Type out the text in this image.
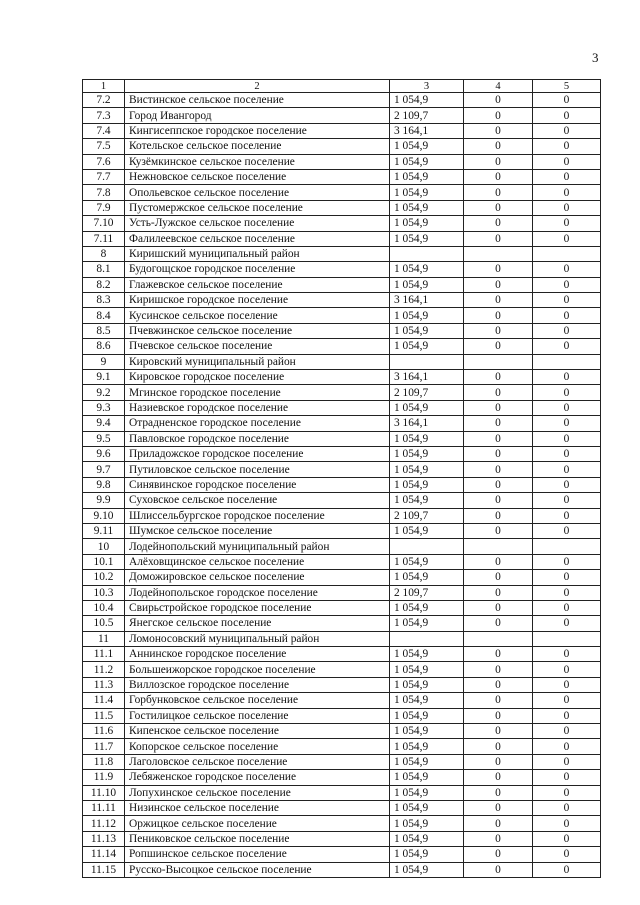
3
1	2	3	4	5
7.2	Вистинское сельское поселение	1 054,9	0	0
7.3	Город Ивангород	2 109,7	0	0
7.4	Кингисеппское городское поселение	3 164,1	0	0
7.5	Котельское сельское поселение	1 054,9	0	0
7.6	Кузёмкинское сельское поселение	1 054,9	0	0
7.7	Нежновское сельское поселение	1 054,9	0	0
7.8	Опольевское сельское поселение	1 054,9	0	0
7.9	Пустомержское сельское поселение	1 054,9	0	0
7.10	Усть-Лужское сельское поселение	1 054,9	0	0
7.11	Фалилеевское сельское поселение	1 054,9	0	0
8	Киришский муниципальный район			
8.1	Будогощское городское поселение	1 054,9	0	0
8.2	Глажевское сельское поселение	1 054,9	0	0
8.3	Киришское городское поселение	3 164,1	0	0
8.4	Кусинское сельское поселение	1 054,9	0	0
8.5	Пчевжинское сельское поселение	1 054,9	0	0
8.6	Пчевское сельское поселение	1 054,9	0	0
9	Кировский муниципальный район			
9.1	Кировское городское поселение	3 164,1	0	0
9.2	Мгинское городское поселение	2 109,7	0	0
9.3	Назиевское городское поселение	1 054,9	0	0
9.4	Отрадненское городское поселение	3 164,1	0	0
9.5	Павловское городское поселение	1 054,9	0	0
9.6	Приладожское городское поселение	1 054,9	0	0
9.7	Путиловское сельское поселение	1 054,9	0	0
9.8	Синявинское городское поселение	1 054,9	0	0
9.9	Суховское сельское поселение	1 054,9	0	0
9.10	Шлиссельбургское городское поселение	2 109,7	0	0
9.11	Шумское сельское поселение	1 054,9	0	0
10	Лодейнопольский муниципальный район			
10.1	Алёховщинское сельское поселение	1 054,9	0	0
10.2	Доможировское сельское поселение	1 054,9	0	0
10.3	Лодейнопольское городское поселение	2 109,7	0	0
10.4	Свирьстройское городское поселение	1 054,9	0	0
10.5	Янегское сельское поселение	1 054,9	0	0
11	Ломоносовский муниципальный район			
11.1	Аннинское городское поселение	1 054,9	0	0
11.2	Большеижорское городское поселение	1 054,9	0	0
11.3	Виллозское городское поселение	1 054,9	0	0
11.4	Горбунковское сельское поселение	1 054,9	0	0
11.5	Гостилицкое сельское поселение	1 054,9	0	0
11.6	Кипенское сельское поселение	1 054,9	0	0
11.7	Копорское сельское поселение	1 054,9	0	0
11.8	Лаголовское сельское поселение	1 054,9	0	0
11.9	Лебяженское городское поселение	1 054,9	0	0
11.10	Лопухинское сельское поселение	1 054,9	0	0
11.11	Низинское сельское поселение	1 054,9	0	0
11.12	Оржицкое сельское поселение	1 054,9	0	0
11.13	Пениковское сельское поселение	1 054,9	0	0
11.14	Ропшинское сельское поселение	1 054,9	0	0
11.15	Русско-Высоцкое сельское поселение	1 054,9	0	0
